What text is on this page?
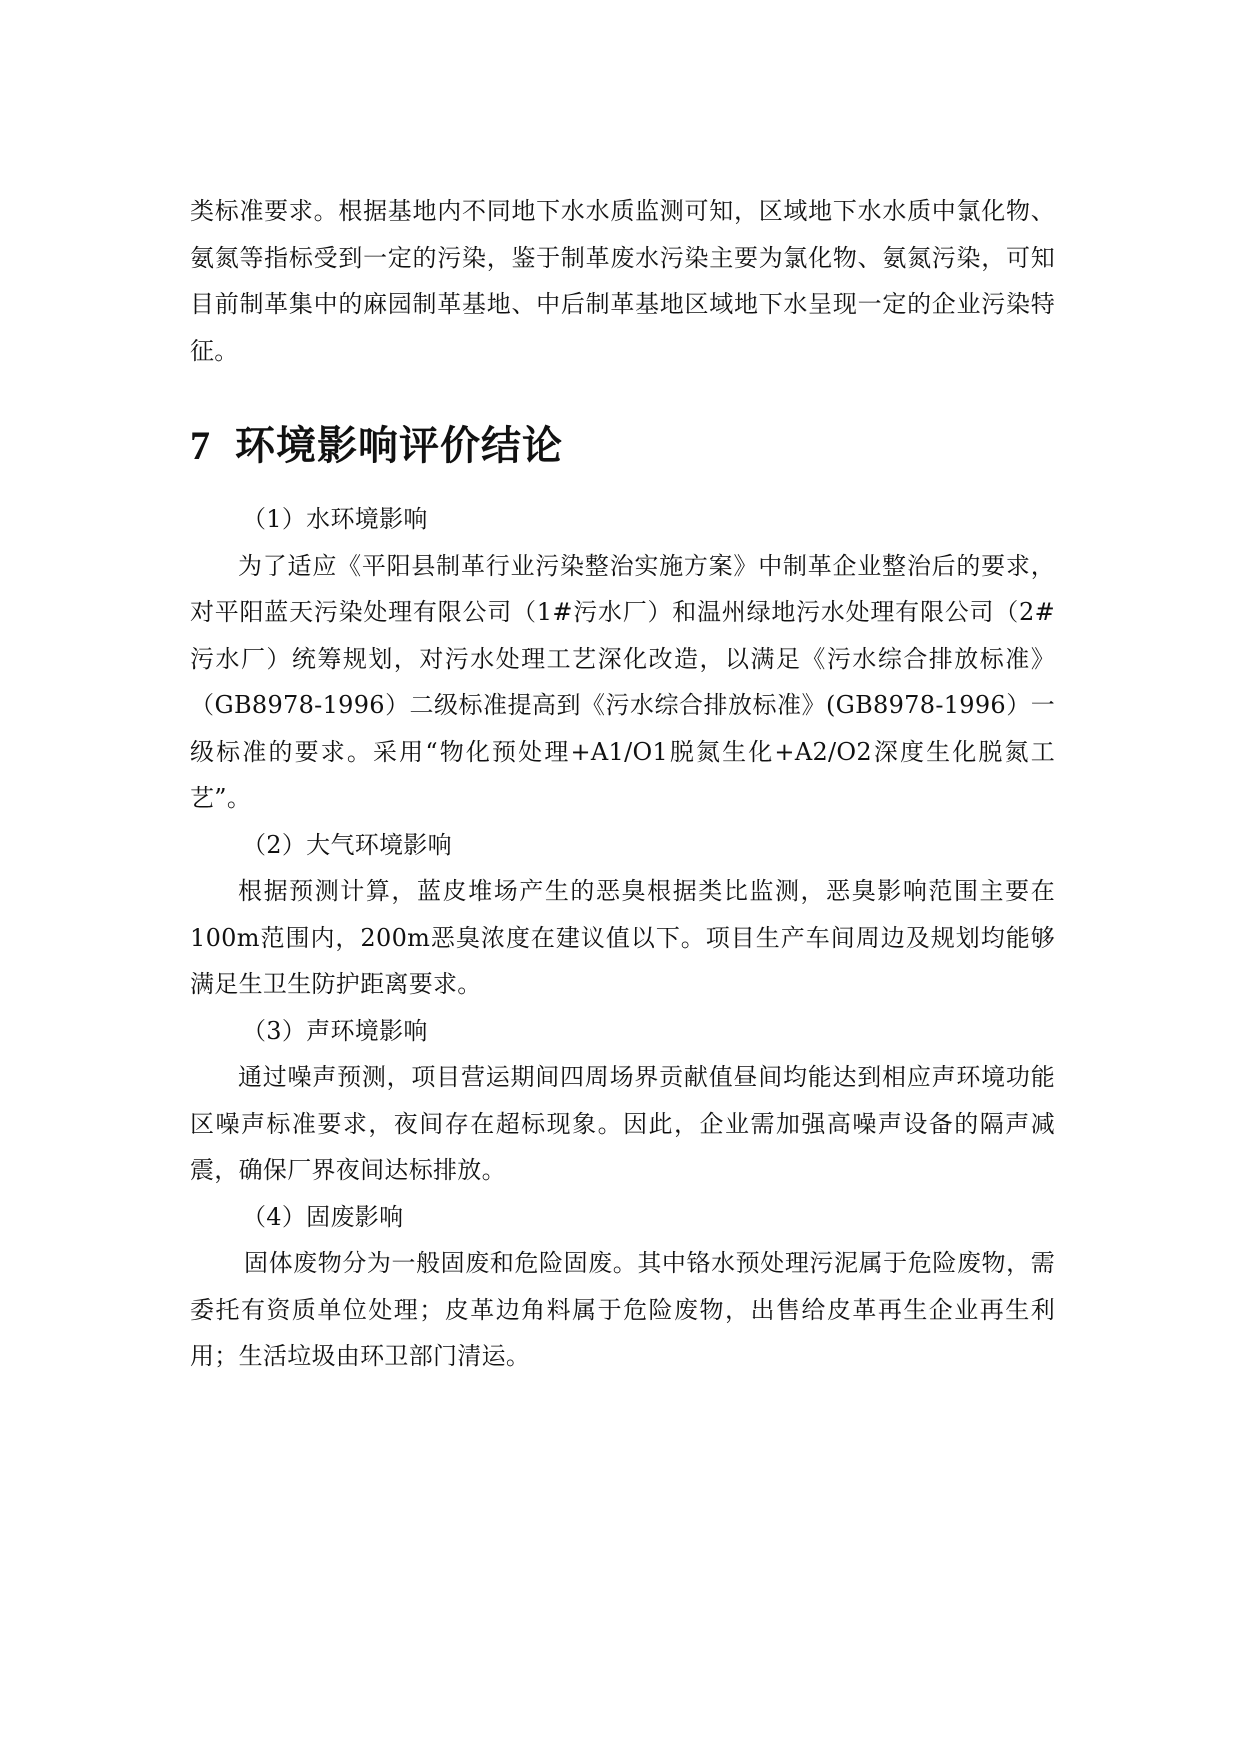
类标准要求。根据基地内不同地下水水质监测可知，区域地下水水质中氯化物、氨氮等指标受到一定的污染，鉴于制革废水污染主要为氯化物、氨氮污染，可知目前制革集中的麻园制革基地、中后制革基地区域地下水呈现一定的企业污染特征。

7 环境影响评价结论

（1）水环境影响

为了适应《平阳县制革行业污染整治实施方案》中制革企业整治后的要求，对平阳蓝天污染处理有限公司（1#污水厂）和温州绿地污水处理有限公司（2#污水厂）统筹规划，对污水处理工艺深化改造，以满足《污水综合排放标准》（GB8978-1996）二级标准提高到《污水综合排放标准》(GB8978-1996）一级标准的要求。采用“物化预处理+A1/O1脱氮生化+A2/O2深度生化脱氮工艺”。

（2）大气环境影响

根据预测计算，蓝皮堆场产生的恶臭根据类比监测，恶臭影响范围主要在100m范围内，200m恶臭浓度在建议值以下。项目生产车间周边及规划均能够满足生卫生防护距离要求。

（3）声环境影响

通过噪声预测，项目营运期间四周场界贡献值昼间均能达到相应声环境功能区噪声标准要求，夜间存在超标现象。因此，企业需加强高噪声设备的隔声减震，确保厂界夜间达标排放。

（4）固废影响

固体废物分为一般固废和危险固废。其中铬水预处理污泥属于危险废物，需委托有资质单位处理；皮革边角料属于危险废物，出售给皮革再生企业再生利用；生活垃圾由环卫部门清运。
